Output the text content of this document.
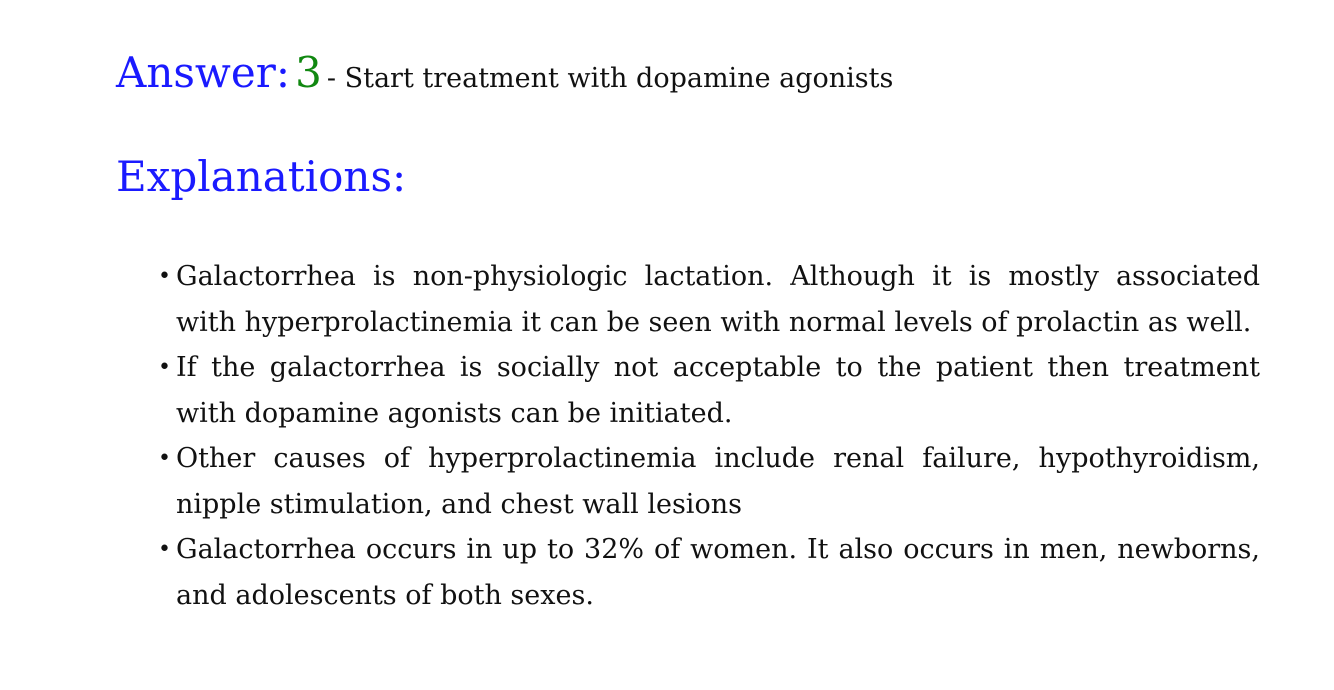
Answer: 3 - Start treatment with dopamine agonists
Explanations:
• Galactorrhea is non-physiologic lactation. Although it is mostly associated with hyperprolactinemia it can be seen with normal levels of prolactin as well.
• If the galactorrhea is socially not acceptable to the patient then treatment with dopamine agonists can be initiated.
• Other causes of hyperprolactinemia include renal failure, hypothyroidism, nipple stimulation, and chest wall lesions
• Galactorrhea occurs in up to 32% of women. It also occurs in men, newborns, and adolescents of both sexes.
